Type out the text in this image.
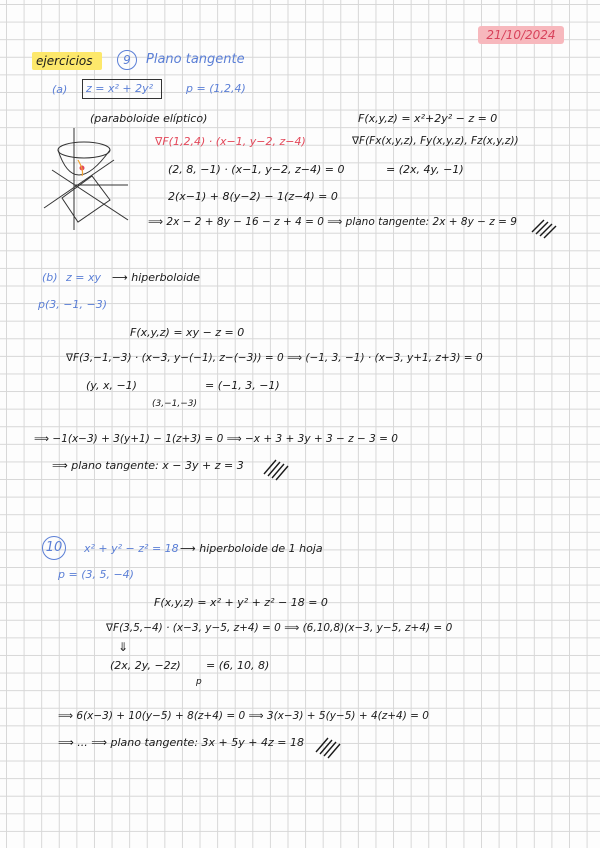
21/10/2024
ejercicios	9	Plano tangente
(a) z = x² + 2y²	p = (1,2,4)
(paraboloide elíptico)	F(x,y,z) = x²+2y² − z = 0
∇F(1,2,4) · (x−1, y−2, z−4)	∇F(Fx(x,y,z), Fy(x,y,z), Fz(x,y,z))
(2, 8, −1) · (x−1, y−2, z−4) = 0	= (2x, 4y, −1)
2(x−1) + 8(y−2) − 1(z−4) = 0
⟹ 2x − 2 + 8y − 16 − z + 4 = 0 ⟹ plano tangente: 2x + 8y − z = 9
(b) z = xy ⟶ hiperboloide
p(3, −1, −3)
F(x,y,z) = xy − z = 0
∇F(3,−1,−3) · (x−3, y−(−1), z−(−3)) = 0 ⟹ (−1, 3, −1) · (x−3, y+1, z+3) = 0
(y, x, −1)
(3,−1,−3)
= (−1, 3, −1)
⟹ −1(x−3) + 3(y+1) − 1(z+3) = 0 ⟹ −x + 3 + 3y + 3 − z − 3 = 0
⟹ plano tangente: x − 3y + z = 3
10	x² + y² − z² = 18 ⟶ hiperboloide de 1 hoja
p = (3, 5, −4)
F(x,y,z) = x² + y² + z² − 18 = 0
∇F(3,5,−4) · (x−3, y−5, z+4) = 0 ⟹ (6,10,8)(x−3, y−5, z+4) = 0
⇓
(2x, 2y, −2z)
p
= (6, 10, 8)
⟹ 6(x−3) + 10(y−5) + 8(z+4) = 0 ⟹ 3(x−3) + 5(y−5) + 4(z+4) = 0
⟹ ... ⟹ plano tangente: 3x + 5y + 4z = 18
